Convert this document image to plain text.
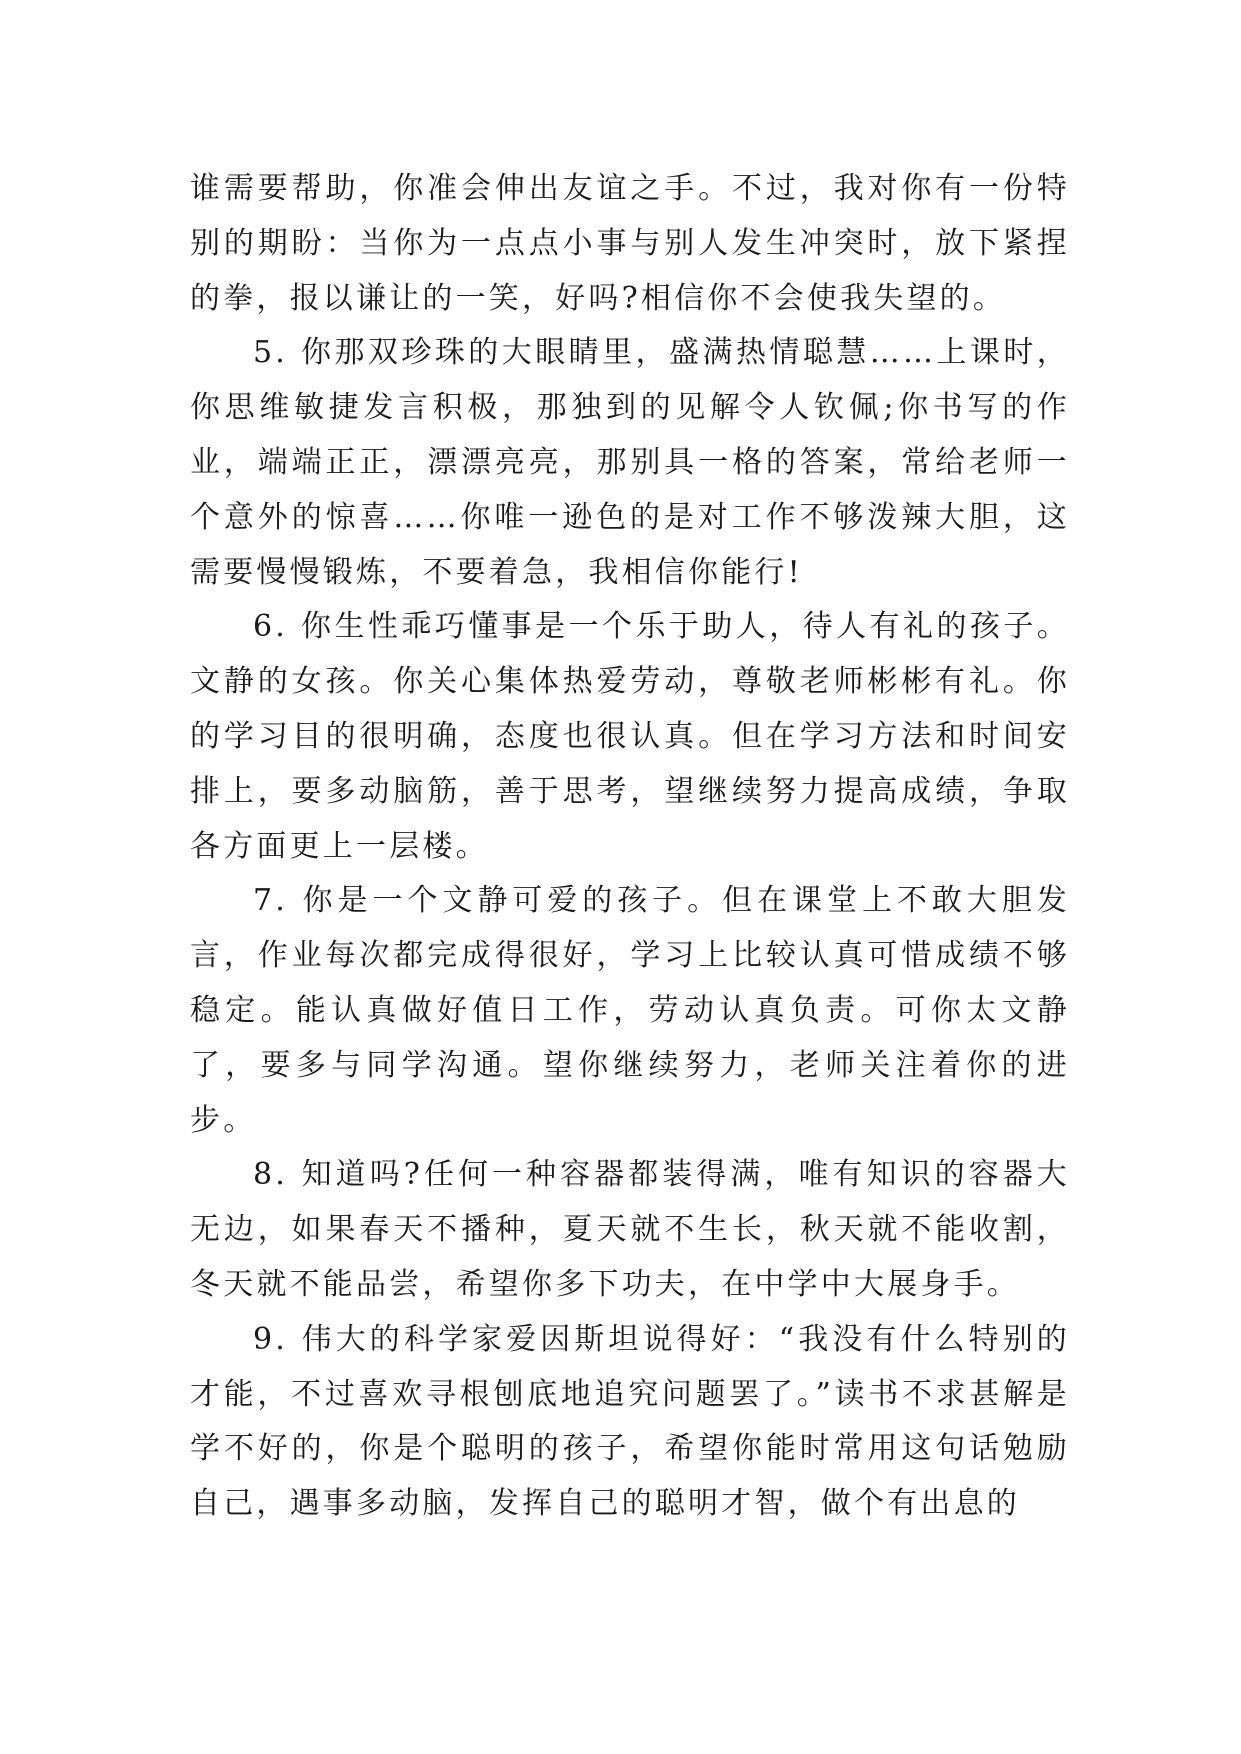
谁需要帮助，你准会伸出友谊之手。不过，我对你有一份特别的期盼：当你为一点点小事与别人发生冲突时，放下紧捏的拳，报以谦让的一笑，好吗?相信你不会使我失望的。

5. 你那双珍珠的大眼睛里，盛满热情聪慧……上课时，你思维敏捷发言积极，那独到的见解令人钦佩;你书写的作业，端端正正，漂漂亮亮，那别具一格的答案，常给老师一个意外的惊喜……你唯一逊色的是对工作不够泼辣大胆，这需要慢慢锻炼，不要着急，我相信你能行!

6. 你生性乖巧懂事是一个乐于助人，待人有礼的孩子。文静的女孩。你关心集体热爱劳动，尊敬老师彬彬有礼。你的学习目的很明确，态度也很认真。但在学习方法和时间安排上，要多动脑筋，善于思考，望继续努力提高成绩，争取各方面更上一层楼。

7. 你是一个文静可爱的孩子。但在课堂上不敢大胆发言，作业每次都完成得很好，学习上比较认真可惜成绩不够稳定。能认真做好值日工作，劳动认真负责。可你太文静了，要多与同学沟通。望你继续努力，老师关注着你的进步。

8. 知道吗?任何一种容器都装得满，唯有知识的容器大无边，如果春天不播种，夏天就不生长，秋天就不能收割，冬天就不能品尝，希望你多下功夫，在中学中大展身手。

9. 伟大的科学家爱因斯坦说得好：“我没有什么特别的才能，不过喜欢寻根刨底地追究问题罢了。”读书不求甚解是学不好的，你是个聪明的孩子，希望你能时常用这句话勉励自己，遇事多动脑，发挥自己的聪明才智，做个有出息的
